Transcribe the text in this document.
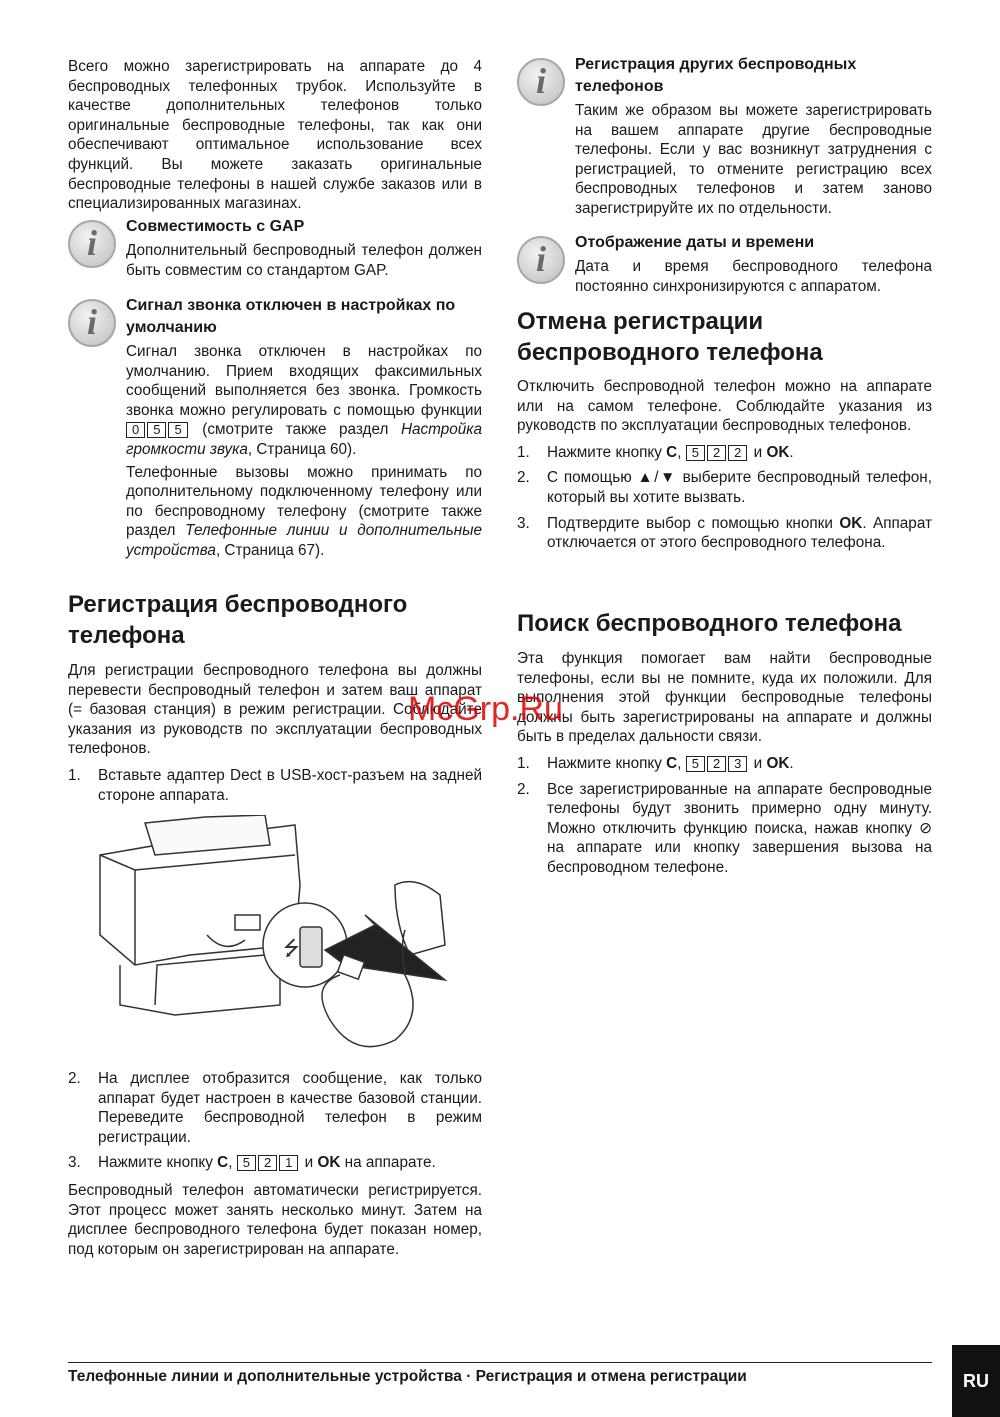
Всего можно зарегистрировать на аппарате до 4 беспроводных телефонных трубок. Используйте в качестве дополнительных телефонов только оригинальные беспроводные телефоны, так как они обеспечивают оптимальное использование всех функций. Вы можете заказать оригинальные беспроводные телефоны в нашей службе заказов или в специализированных магазинах.

i	Совместимость с GAP

Дополнительный беспроводный телефон должен быть совместим со стандартом GAP.

i	Сигнал звонка отключен в настройках по умолчанию

Сигнал звонка отключен в настройках по умолчанию. Прием входящих факсимильных сообщений выполняется без звонка. Громкость звонка можно регулировать с помощью функции 0 5 5 (смотрите также раздел Настройка громкости звука, Страница 60).

Телефонные вызовы можно принимать по дополнительному подключенному телефону или по беспроводному телефону (смотрите также раздел Телефонные линии и дополнительные устройства, Страница 67).

Регистрация беспроводного телефона

Для регистрации беспроводного телефона вы должны перевести беспроводный телефон и затем ваш аппарат (= базовая станция) в режим регистрации. Соблюдайте указания из руководств по эксплуатации беспроводных телефонов.

1. Вставьте адаптер Dect в USB-хост-разъем на задней стороне аппарата.
⭍
2. На дисплее отобразится сообщение, как только аппарат будет настроен в качестве базовой станции. Переведите беспроводной телефон в режим регистрации.
3. Нажмите кнопку C, 5 2 1 и OK на аппарате.

Беспроводный телефон автоматически регистрируется. Этот процесс может занять несколько минут. Затем на дисплее беспроводного телефона будет показан номер, под которым он зарегистрирован на аппарате.

i	Регистрация других беспроводных телефонов

Таким же образом вы можете зарегистрировать на вашем аппарате другие беспроводные телефоны. Если у вас возникнут затруднения с регистрацией, то отмените регистрацию всех беспроводных телефонов и затем заново зарегистрируйте их по отдельности.

i	Отображение даты и времени

Дата и время беспроводного телефона постоянно синхронизируются с аппаратом.

Отмена регистрации беспроводного телефона

Отключить беспроводной телефон можно на аппарате или на самом телефоне. Соблюдайте указания из руководств по эксплуатации беспроводных телефонов.

1. Нажмите кнопку C, 5 2 2 и OK.
2. С помощью ▲/▼ выберите беспроводный телефон, который вы хотите вызвать.
3. Подтвердите выбор с помощью кнопки OK. Аппарат отключается от этого беспроводного телефона.
Поиск беспроводного телефона

Эта функция помогает вам найти беспроводные телефоны, если вы не помните, куда их положили. Для выполнения этой функции беспроводные телефоны должны быть зарегистрированы на аппарате и должны быть в пределах дальности связи.

1. Нажмите кнопку C, 5 2 3 и OK.
2. Все зарегистрированные на аппарате беспроводные телефоны будут звонить примерно одну минуту. Можно отключить функцию поиска, нажав кнопку ⊘ на аппарате или кнопку завершения вызова на беспроводном телефоне.
McGrp.Ru
Телефонные линии и дополнительные устройства · Регистрация и отмена регистрации	RU
